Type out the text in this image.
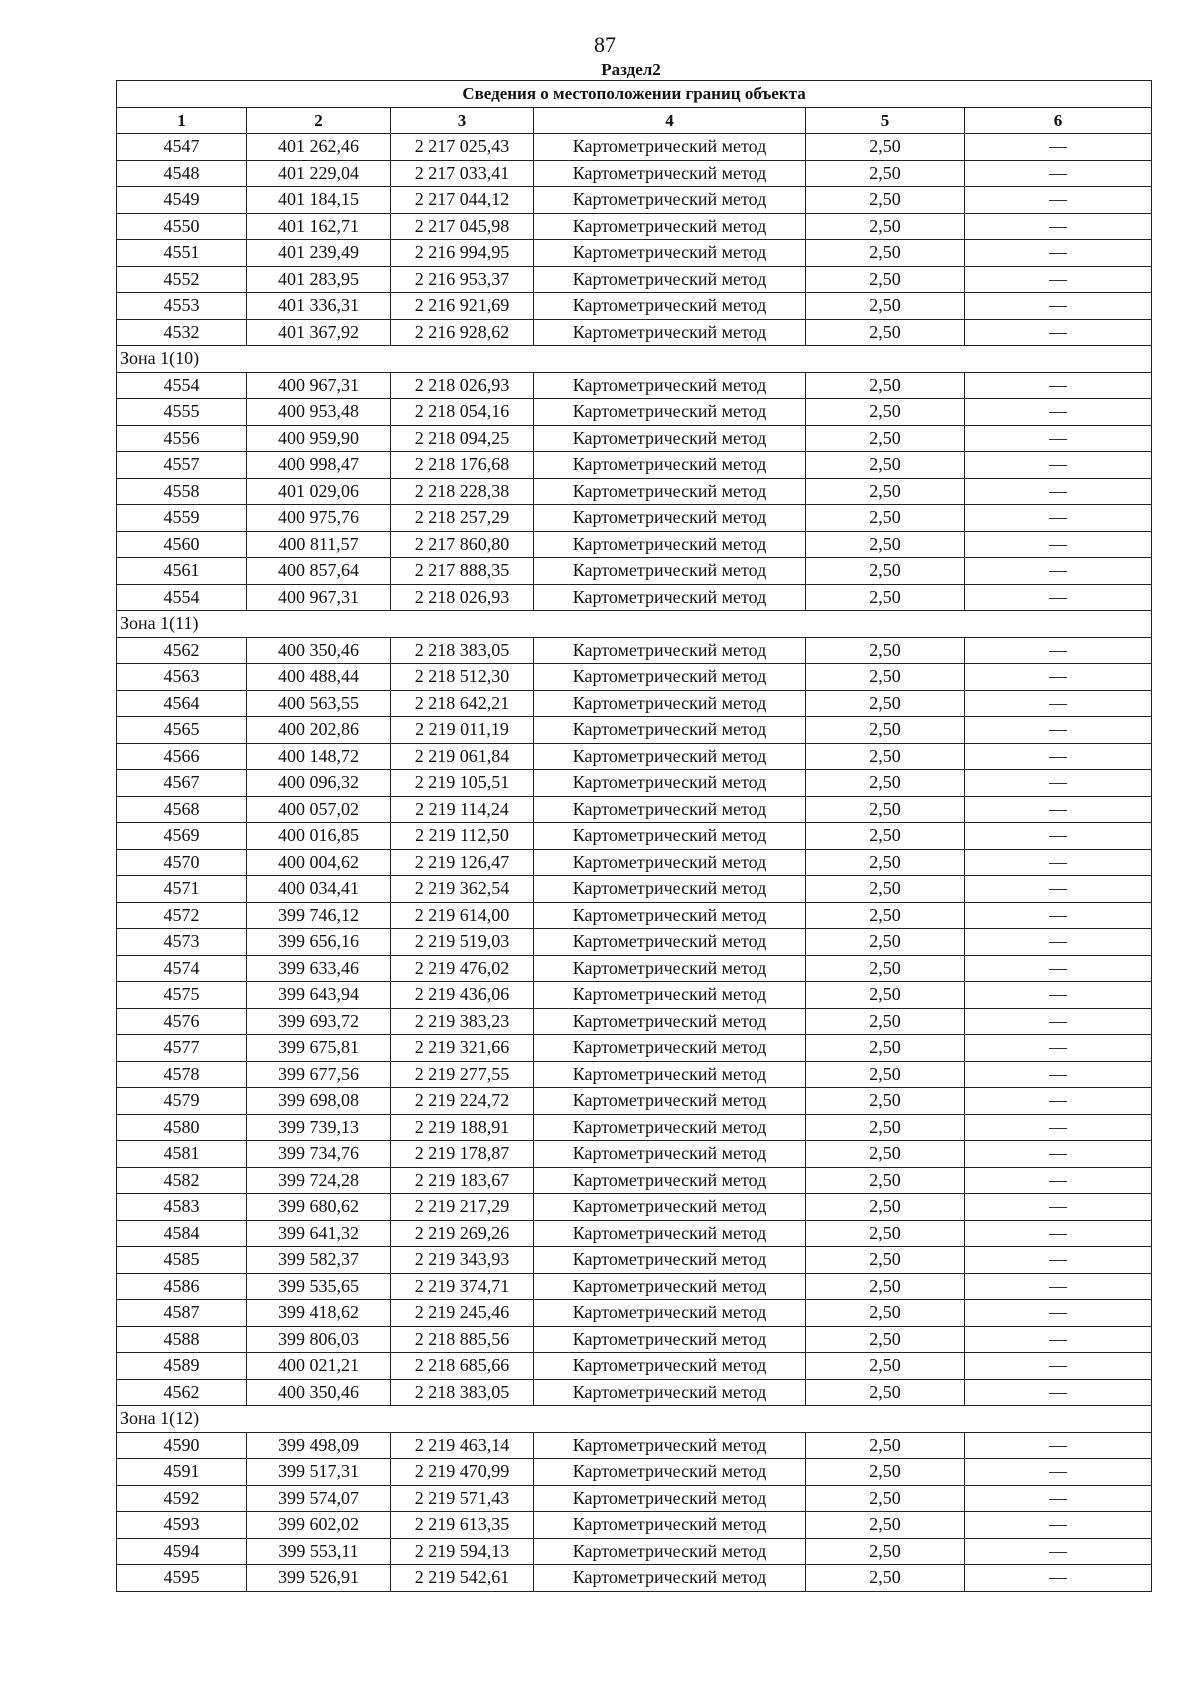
87
Раздел2
Сведения о местоположении границ объекта					
1	2	3	4	5	6
4547	401 262,46	2 217 025,43	Картометрический метод	2,50	—
4548	401 229,04	2 217 033,41	Картометрический метод	2,50	—
4549	401 184,15	2 217 044,12	Картометрический метод	2,50	—
4550	401 162,71	2 217 045,98	Картометрический метод	2,50	—
4551	401 239,49	2 216 994,95	Картометрический метод	2,50	—
4552	401 283,95	2 216 953,37	Картометрический метод	2,50	—
4553	401 336,31	2 216 921,69	Картометрический метод	2,50	—
4532	401 367,92	2 216 928,62	Картометрический метод	2,50	—
Зона 1(10)					
4554	400 967,31	2 218 026,93	Картометрический метод	2,50	—
4555	400 953,48	2 218 054,16	Картометрический метод	2,50	—
4556	400 959,90	2 218 094,25	Картометрический метод	2,50	—
4557	400 998,47	2 218 176,68	Картометрический метод	2,50	—
4558	401 029,06	2 218 228,38	Картометрический метод	2,50	—
4559	400 975,76	2 218 257,29	Картометрический метод	2,50	—
4560	400 811,57	2 217 860,80	Картометрический метод	2,50	—
4561	400 857,64	2 217 888,35	Картометрический метод	2,50	—
4554	400 967,31	2 218 026,93	Картометрический метод	2,50	—
Зона 1(11)					
4562	400 350,46	2 218 383,05	Картометрический метод	2,50	—
4563	400 488,44	2 218 512,30	Картометрический метод	2,50	—
4564	400 563,55	2 218 642,21	Картометрический метод	2,50	—
4565	400 202,86	2 219 011,19	Картометрический метод	2,50	—
4566	400 148,72	2 219 061,84	Картометрический метод	2,50	—
4567	400 096,32	2 219 105,51	Картометрический метод	2,50	—
4568	400 057,02	2 219 114,24	Картометрический метод	2,50	—
4569	400 016,85	2 219 112,50	Картометрический метод	2,50	—
4570	400 004,62	2 219 126,47	Картометрический метод	2,50	—
4571	400 034,41	2 219 362,54	Картометрический метод	2,50	—
4572	399 746,12	2 219 614,00	Картометрический метод	2,50	—
4573	399 656,16	2 219 519,03	Картометрический метод	2,50	—
4574	399 633,46	2 219 476,02	Картометрический метод	2,50	—
4575	399 643,94	2 219 436,06	Картометрический метод	2,50	—
4576	399 693,72	2 219 383,23	Картометрический метод	2,50	—
4577	399 675,81	2 219 321,66	Картометрический метод	2,50	—
4578	399 677,56	2 219 277,55	Картометрический метод	2,50	—
4579	399 698,08	2 219 224,72	Картометрический метод	2,50	—
4580	399 739,13	2 219 188,91	Картометрический метод	2,50	—
4581	399 734,76	2 219 178,87	Картометрический метод	2,50	—
4582	399 724,28	2 219 183,67	Картометрический метод	2,50	—
4583	399 680,62	2 219 217,29	Картометрический метод	2,50	—
4584	399 641,32	2 219 269,26	Картометрический метод	2,50	—
4585	399 582,37	2 219 343,93	Картометрический метод	2,50	—
4586	399 535,65	2 219 374,71	Картометрический метод	2,50	—
4587	399 418,62	2 219 245,46	Картометрический метод	2,50	—
4588	399 806,03	2 218 885,56	Картометрический метод	2,50	—
4589	400 021,21	2 218 685,66	Картометрический метод	2,50	—
4562	400 350,46	2 218 383,05	Картометрический метод	2,50	—
Зона 1(12)					
4590	399 498,09	2 219 463,14	Картометрический метод	2,50	—
4591	399 517,31	2 219 470,99	Картометрический метод	2,50	—
4592	399 574,07	2 219 571,43	Картометрический метод	2,50	—
4593	399 602,02	2 219 613,35	Картометрический метод	2,50	—
4594	399 553,11	2 219 594,13	Картометрический метод	2,50	—
4595	399 526,91	2 219 542,61	Картометрический метод	2,50	—
